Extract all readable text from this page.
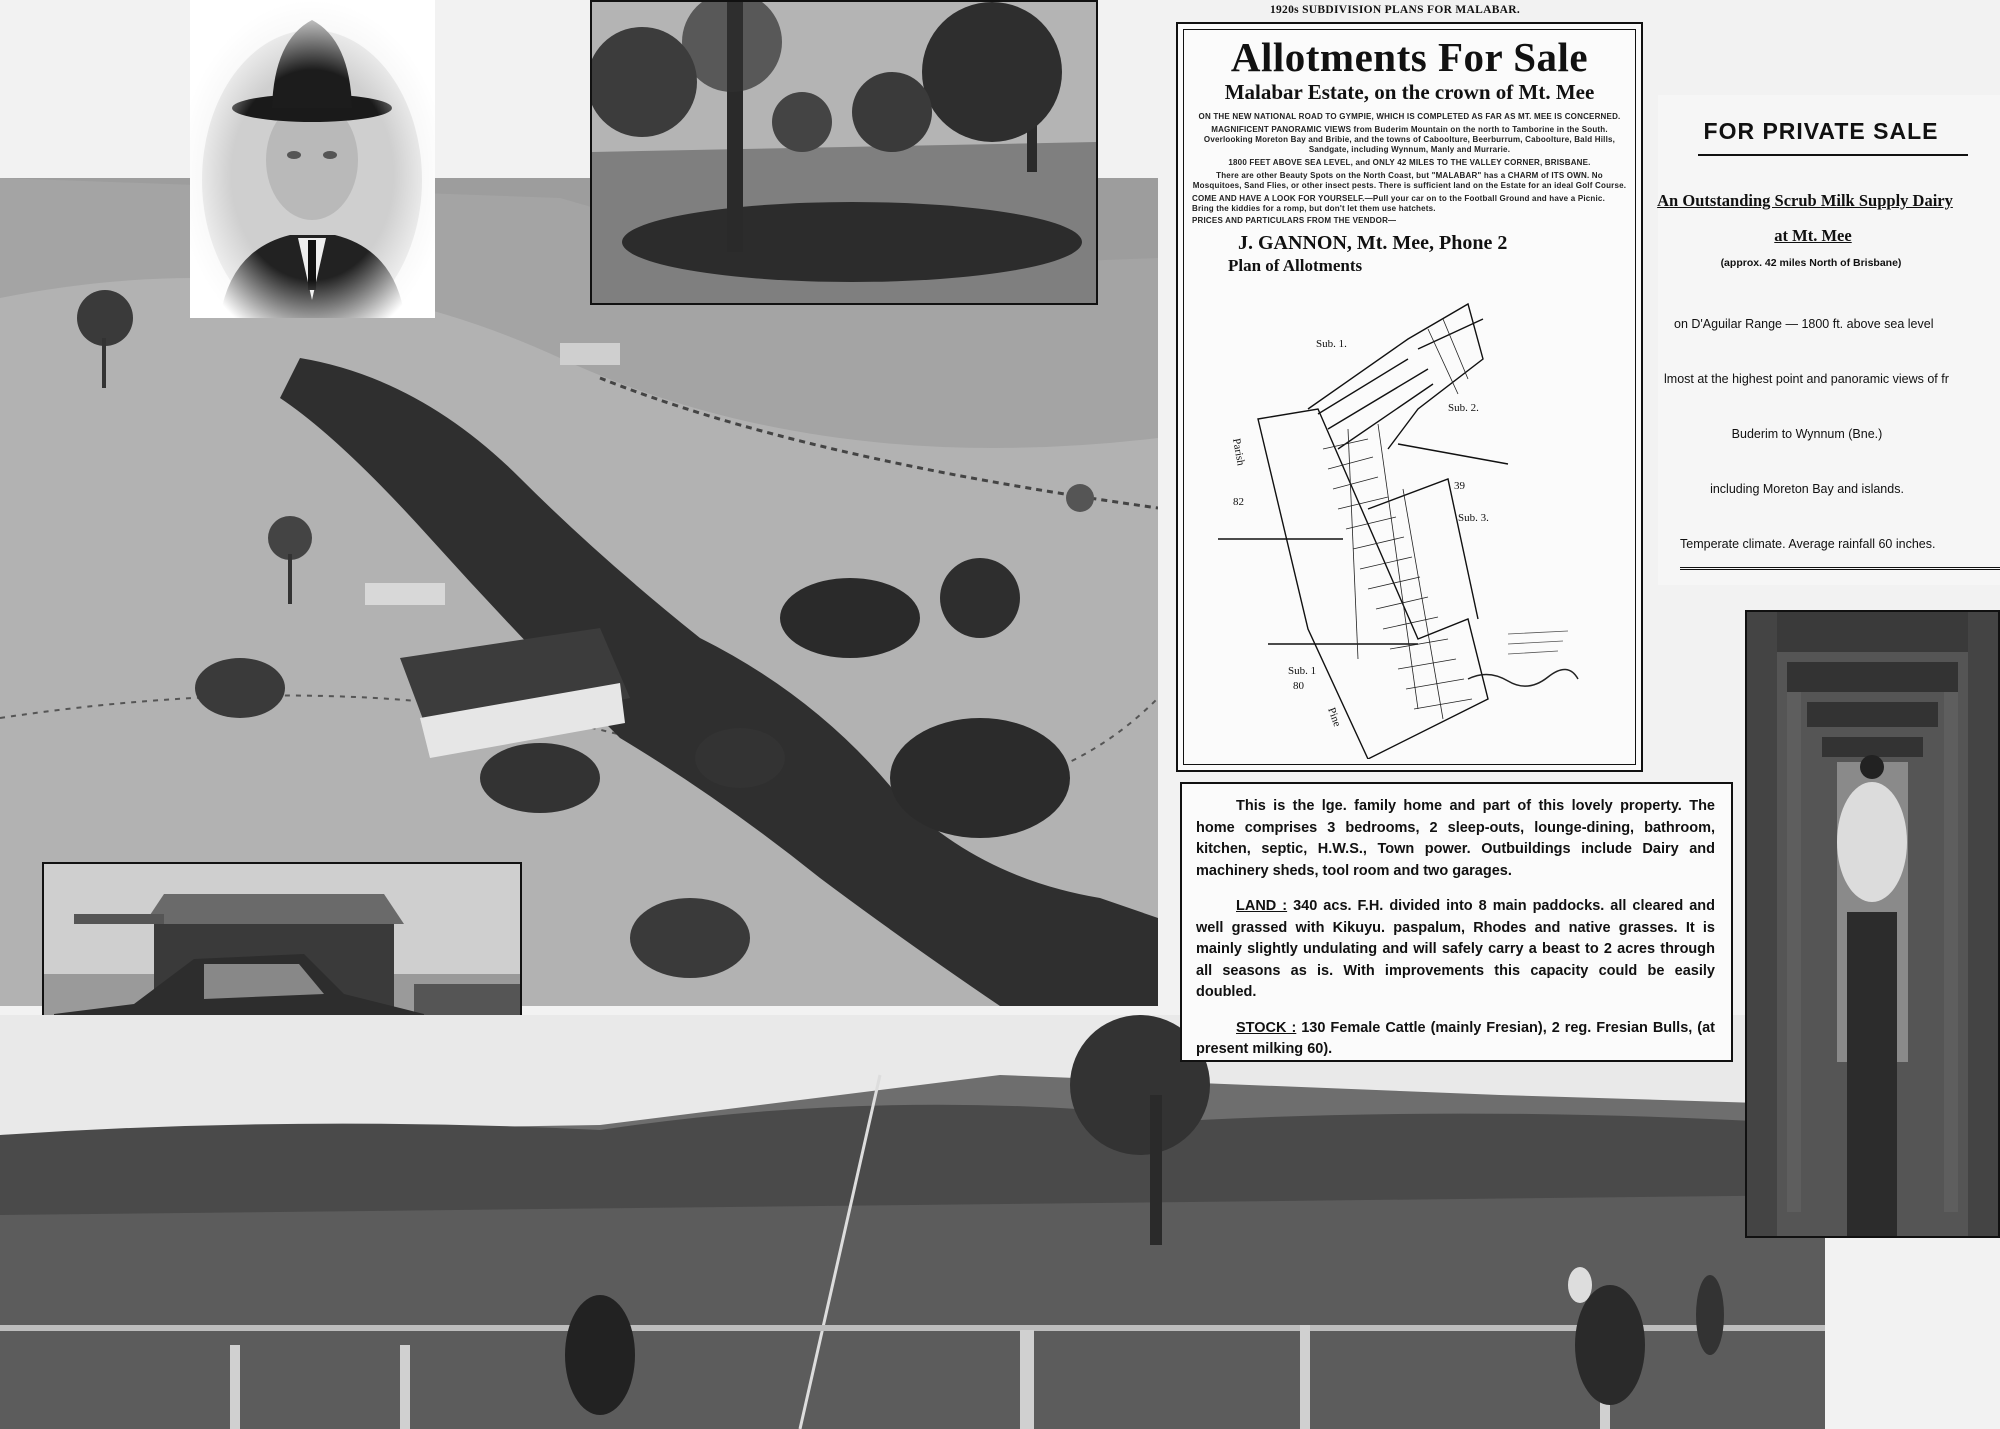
1920s SUBDIVISION PLANS FOR MALABAR.
Allotments For Sale
Malabar Estate, on the crown of Mt. Mee
ON THE NEW NATIONAL ROAD TO GYMPIE, WHICH IS COMPLETED AS FAR AS MT. MEE IS CONCERNED.
MAGNIFICENT PANORAMIC VIEWS from Buderim Mountain on the north to Tamborine in the South. Overlooking Moreton Bay and Bribie, and the towns of Caboolture, Beerburrum, Caboolture, Bald Hills, Sandgate, including Wynnum, Manly and Murrarie.
1800 FEET ABOVE SEA LEVEL, and ONLY 42 MILES TO THE VALLEY CORNER, BRISBANE.
There are other Beauty Spots on the North Coast, but "MALABAR" has a CHARM of ITS OWN. No Mosquitoes, Sand Flies, or other insect pests. There is sufficient land on the Estate for an ideal Golf Course.
COME AND HAVE A LOOK FOR YOURSELF.—Pull your car on to the Football Ground and have a Picnic. Bring the kiddies for a romp, but don't let them use hatchets.
PRICES AND PARTICULARS FROM THE VENDOR—
J. GANNON, Mt. Mee, Phone 2
Plan of Allotments
Sub. 1.
Sub. 2.
39
Sub. 3.
82
Sub. 1
80
Parish
Pine

This is the lge. family home and part of this lovely property. The home comprises 3 bedrooms, 2 sleep-outs, lounge-dining, bathroom, kitchen, septic, H.W.S., Town power. Outbuildings include Dairy and machinery sheds, tool room and two garages.

LAND : 340 acs. F.H. divided into 8 main paddocks. all cleared and well grassed with Kikuyu. paspalum, Rhodes and native grasses. It is mainly slightly undulating and will safely carry a beast to 2 acres through all seasons as is. With improvements this capacity could be easily doubled.

STOCK : 130 Female Cattle (mainly Fresian), 2 reg. Fresian Bulls, (at present milking 60).

FOR PRIVATE SALE
An Outstanding Scrub Milk Supply Dairy
at Mt. Mee
(approx. 42 miles North of Brisbane)
on D'Aguilar Range — 1800 ft. above sea level
lmost at the highest point and panoramic views of fr
Buderim to Wynnum (Bne.)
including Moreton Bay and islands.
Temperate climate. Average rainfall 60 inches.
